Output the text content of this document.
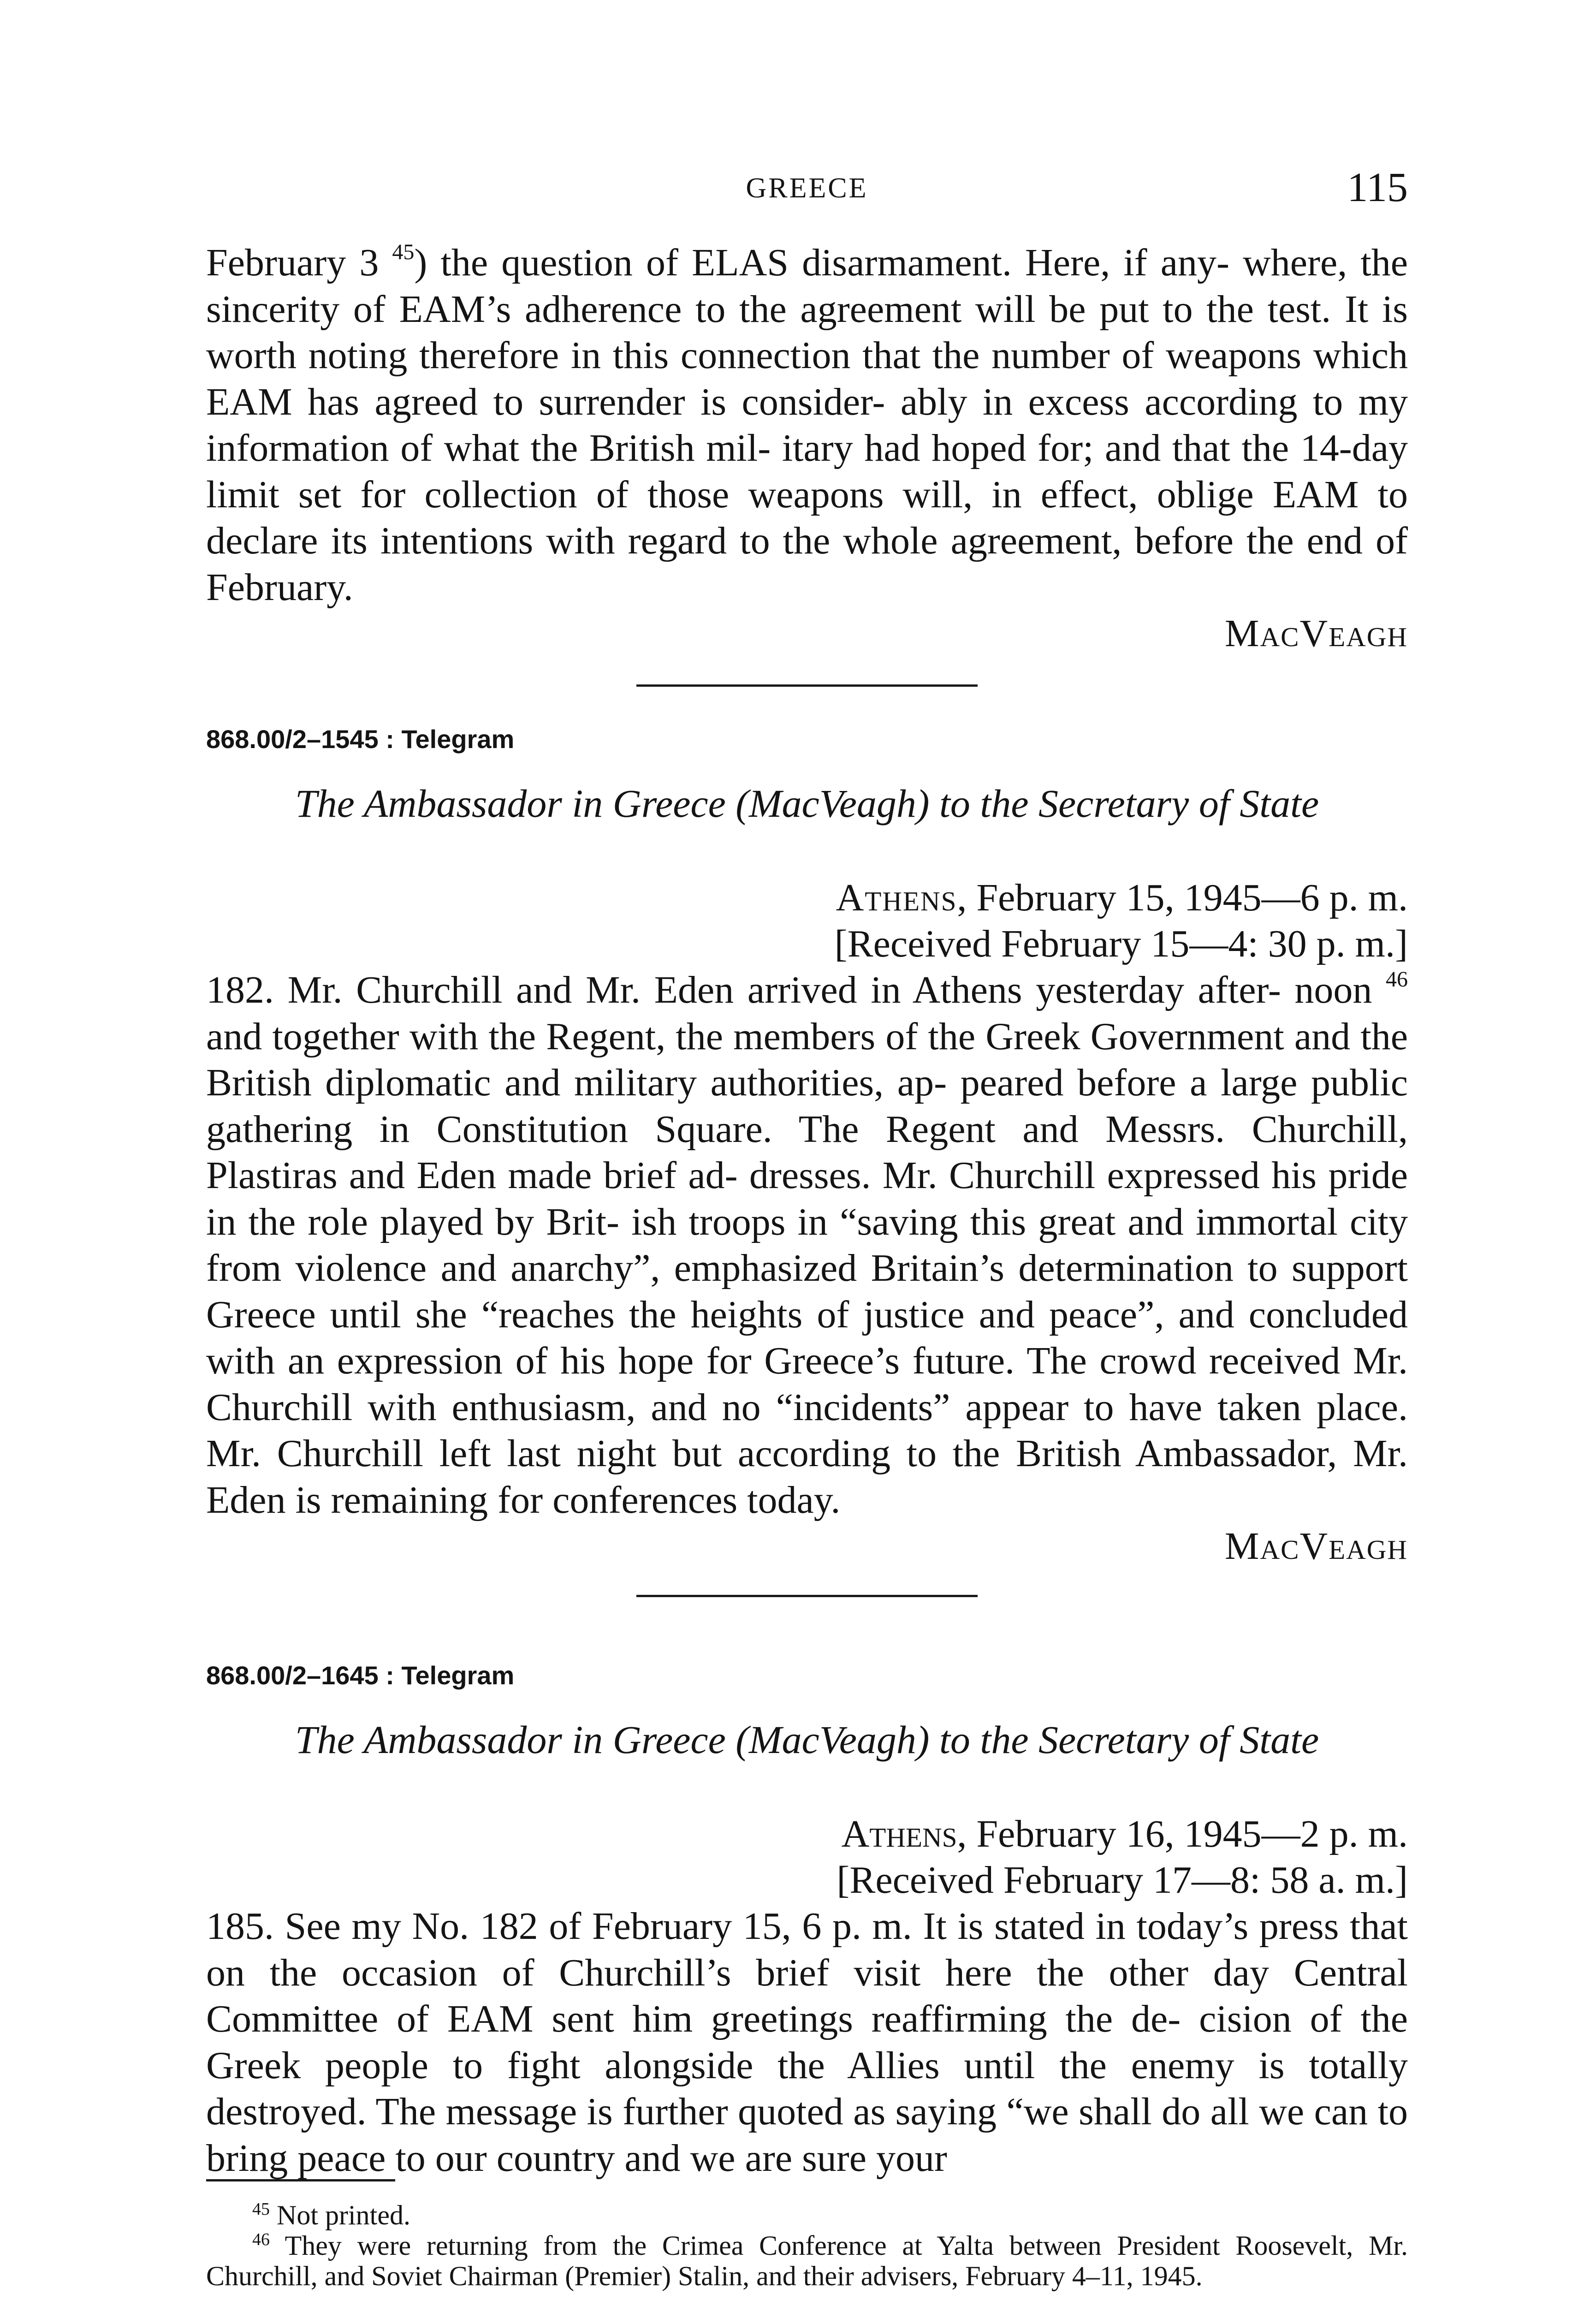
GREECE	115

February 3 $^{45}$) the question of ELAS disarmament. Here, if any- where, the sincerity of EAM’s adherence to the agreement will be put to the test. It is worth noting therefore in this connection that the number of weapons which EAM has agreed to surrender is consider- ably in excess according to my information of what the British mil- itary had hoped for; and that the 14-day limit set for collection of those weapons will, in effect, oblige EAM to declare its intentions with regard to the whole agreement, before the end of February.

MacVeagh

868.00/2–1545 : Telegram

The Ambassador in Greece (MacVeagh) to the Secretary of State

Athens, February 15, 1945—6 p. m.

[Received February 15—4: 30 p. m.]

182. Mr. Churchill and Mr. Eden arrived in Athens yesterday after- noon $^{46}$ and together with the Regent, the members of the Greek Government and the British diplomatic and military authorities, ap- peared before a large public gathering in Constitution Square. The Regent and Messrs. Churchill, Plastiras and Eden made brief ad- dresses. Mr. Churchill expressed his pride in the role played by Brit- ish troops in “saving this great and immortal city from violence and anarchy”, emphasized Britain’s determination to support Greece until she “reaches the heights of justice and peace”, and concluded with an expression of his hope for Greece’s future. The crowd received Mr. Churchill with enthusiasm, and no “incidents” appear to have taken place. Mr. Churchill left last night but according to the British Ambassador, Mr. Eden is remaining for conferences today.

MacVeagh

868.00/2–1645 : Telegram

The Ambassador in Greece (MacVeagh) to the Secretary of State

Athens, February 16, 1945—2 p. m.

[Received February 17—8: 58 a. m.]

185. See my No. 182 of February 15, 6 p. m. It is stated in today’s press that on the occasion of Churchill’s brief visit here the other day Central Committee of EAM sent him greetings reaffirming the de- cision of the Greek people to fight alongside the Allies until the enemy is totally destroyed. The message is further quoted as saying “we shall do all we can to bring peace to our country and we are sure your

$^{45}$ Not printed.

$^{46}$ They were returning from the Crimea Conference at Yalta between President Roosevelt, Mr. Churchill, and Soviet Chairman (Premier) Stalin, and their advisers, February 4–11, 1945.
